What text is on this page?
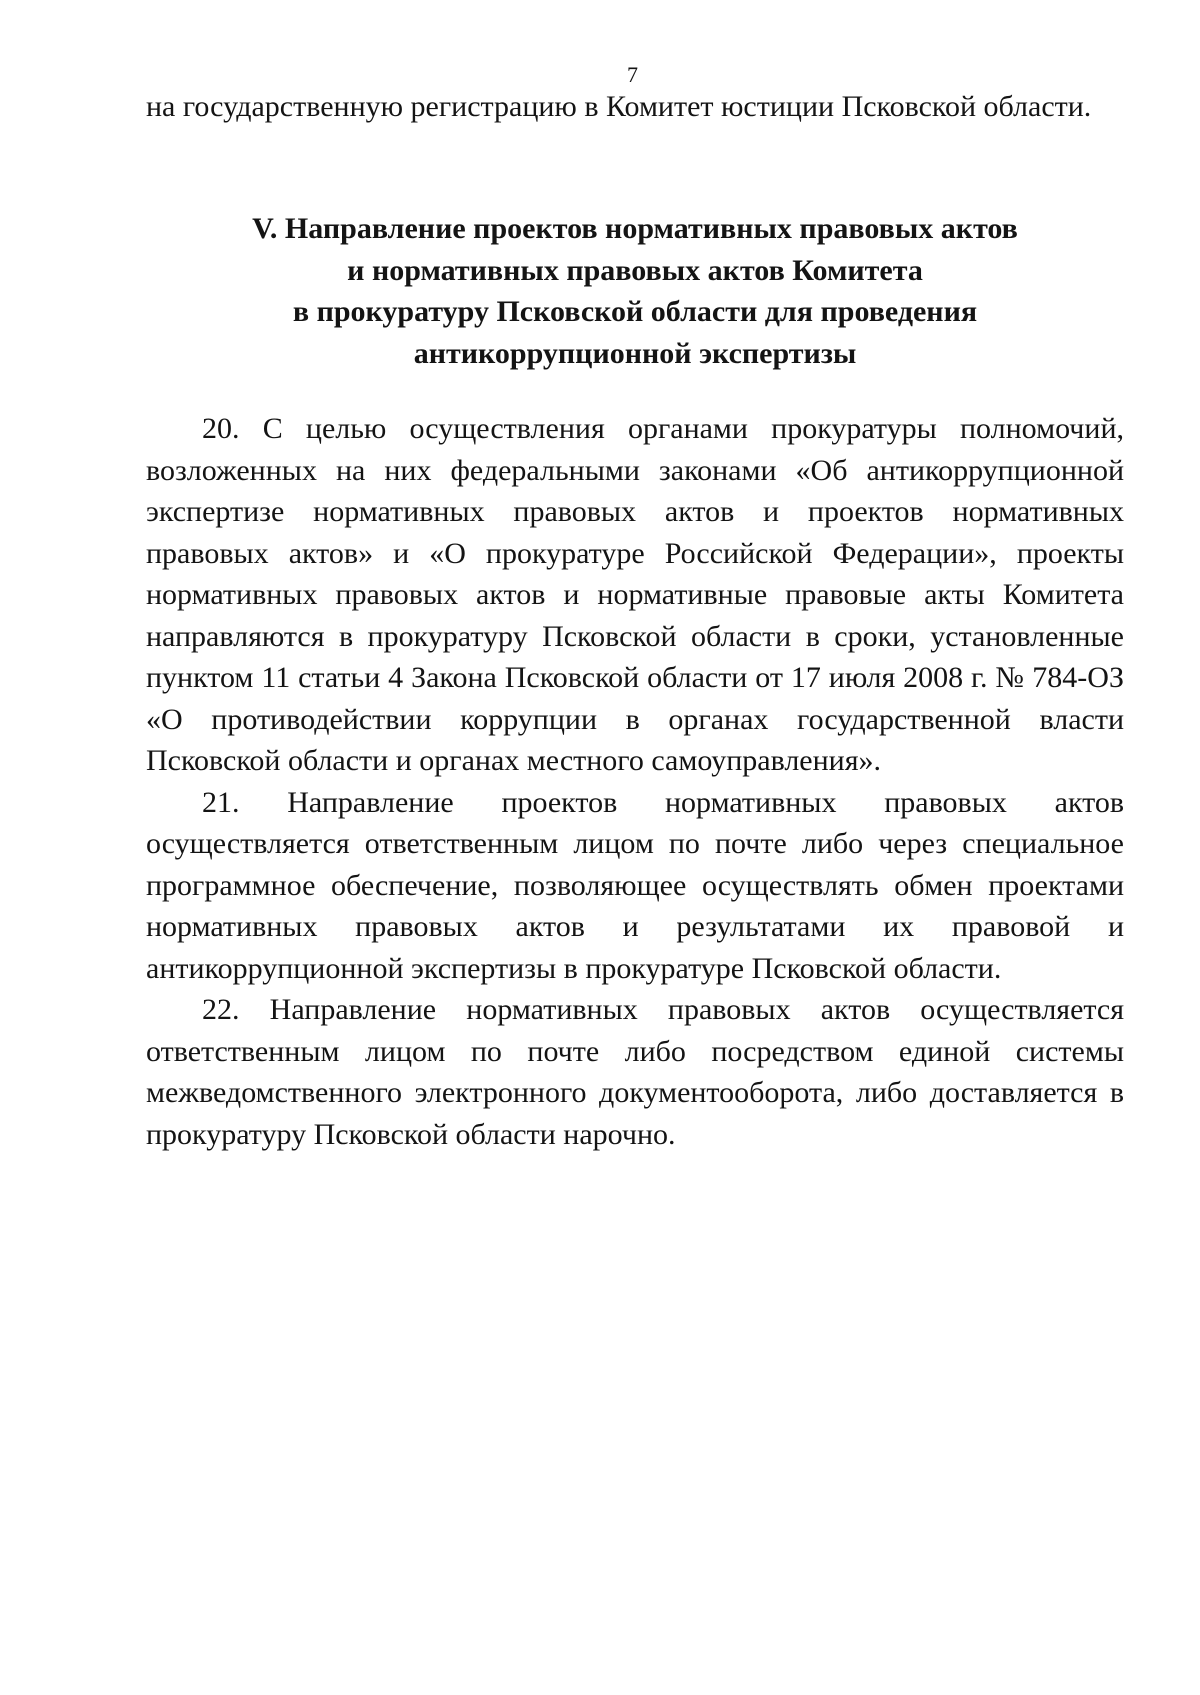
7

на государственную регистрацию в Комитет юстиции Псковской области.

V. Направление проектов нормативных правовых актов
и нормативных правовых актов Комитета
в прокуратуру Псковской области для проведения
антикоррупционной экспертизы

20. С целью осуществления органами прокуратуры полномочий, возложенных на них федеральными законами «Об антикоррупционной экспертизе нормативных правовых актов и проектов нормативных правовых актов» и «О прокуратуре Российской Федерации», проекты нормативных правовых актов и нормативные правовые акты Комитета направляются в прокуратуру Псковской области в сроки, установленные пунктом 11 статьи 4 Закона Псковской области от 17 июля 2008 г. № 784-ОЗ «О противодействии коррупции в органах государственной власти Псковской области и органах местного самоуправления».

21. Направление проектов нормативных правовых актов осуществляется ответственным лицом по почте либо через специальное программное обеспечение, позволяющее осуществлять обмен проектами нормативных правовых актов и результатами их правовой и антикоррупционной экспертизы в прокуратуре Псковской области.

22. Направление нормативных правовых актов осуществляется ответственным лицом по почте либо посредством единой системы межведомственного электронного документооборота, либо доставляется в прокуратуру Псковской области нарочно.
